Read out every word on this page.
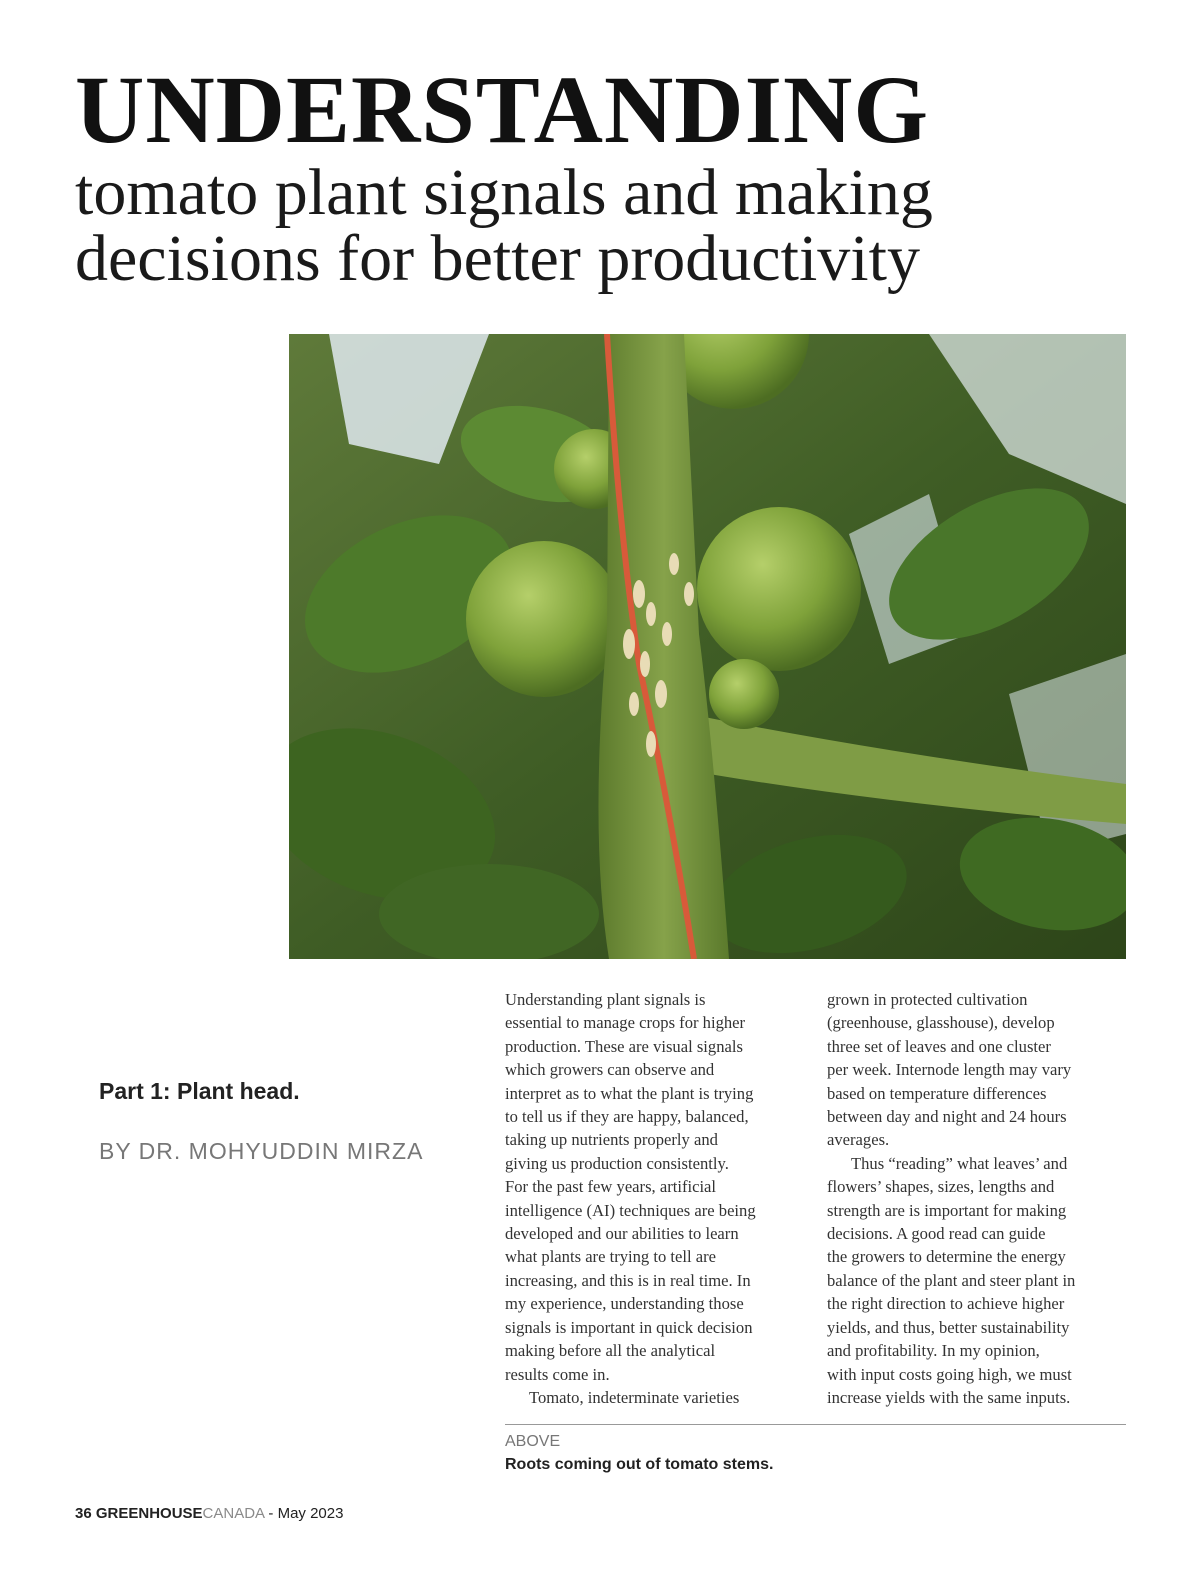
UNDERSTANDING
tomato plant signals and making
decisions for better productivity
Part 1: Plant head.
BY DR. MOHYUDDIN MIRZA

Understanding plant signals is
essential to manage crops for higher
production. These are visual signals
which growers can observe and
interpret as to what the plant is trying
to tell us if they are happy, balanced,
taking up nutrients properly and
giving us production consistently.
For the past few years, artificial
intelligence (AI) techniques are being
developed and our abilities to learn
what plants are trying to tell are
increasing, and this is in real time. In
my experience, understanding those
signals is important in quick decision
making before all the analytical
results come in.

Tomato, indeterminate varieties

grown in protected cultivation
(greenhouse, glasshouse), develop
three set of leaves and one cluster
per week. Internode length may vary
based on temperature differences
between day and night and 24 hours
averages.

Thus “reading” what leaves’ and
flowers’ shapes, sizes, lengths and
strength are is important for making
decisions. A good read can guide
the growers to determine the energy
balance of the plant and steer plant in
the right direction to achieve higher
yields, and thus, better sustainability
and profitability. In my opinion,
with input costs going high, we must
increase yields with the same inputs.

ABOVE
Roots coming out of tomato stems.
36 GREENHOUSECANADA - May 2023
